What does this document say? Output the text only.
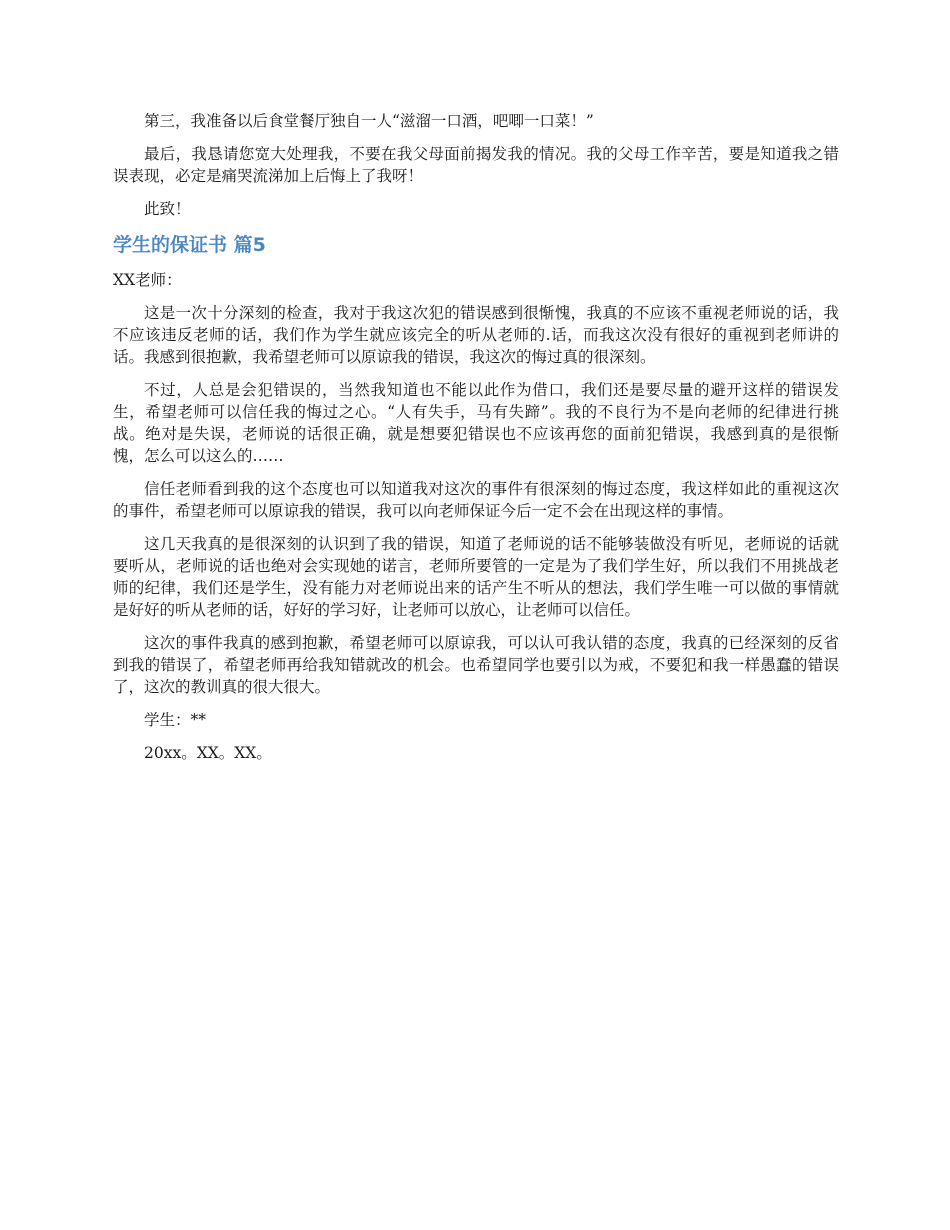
第三，我准备以后食堂餐厅独自一人“滋溜一口酒，吧唧一口菜！”

最后，我恳请您宽大处理我，不要在我父母面前揭发我的情况。我的父母工作辛苦，要是知道我之错误表现，必定是痛哭流涕加上后悔上了我呀！

此致！

学生的保证书 篇5

XX老师：

这是一次十分深刻的检查，我对于我这次犯的错误感到很惭愧，我真的不应该不重视老师说的话，我不应该违反老师的话，我们作为学生就应该完全的听从老师的.话，而我这次没有很好的重视到老师讲的话。我感到很抱歉，我希望老师可以原谅我的错误，我这次的悔过真的很深刻。

不过，人总是会犯错误的，当然我知道也不能以此作为借口，我们还是要尽量的避开这样的错误发生，希望老师可以信任我的悔过之心。“人有失手，马有失蹄”。我的不良行为不是向老师的纪律进行挑战。绝对是失误，老师说的话很正确，就是想要犯错误也不应该再您的面前犯错误，我感到真的是很惭愧，怎么可以这么的……

信任老师看到我的这个态度也可以知道我对这次的事件有很深刻的悔过态度，我这样如此的重视这次的事件，希望老师可以原谅我的错误，我可以向老师保证今后一定不会在出现这样的事情。

这几天我真的是很深刻的认识到了我的错误，知道了老师说的话不能够装做没有听见，老师说的话就要听从，老师说的话也绝对会实现她的诺言，老师所要管的一定是为了我们学生好，所以我们不用挑战老师的纪律，我们还是学生，没有能力对老师说出来的话产生不听从的想法，我们学生唯一可以做的事情就是好好的听从老师的话，好好的学习好，让老师可以放心，让老师可以信任。

这次的事件我真的感到抱歉，希望老师可以原谅我，可以认可我认错的态度，我真的已经深刻的反省到我的错误了，希望老师再给我知错就改的机会。也希望同学也要引以为戒，不要犯和我一样愚蠢的错误了，这次的教训真的很大很大。

学生：**

20xx。XX。XX。
